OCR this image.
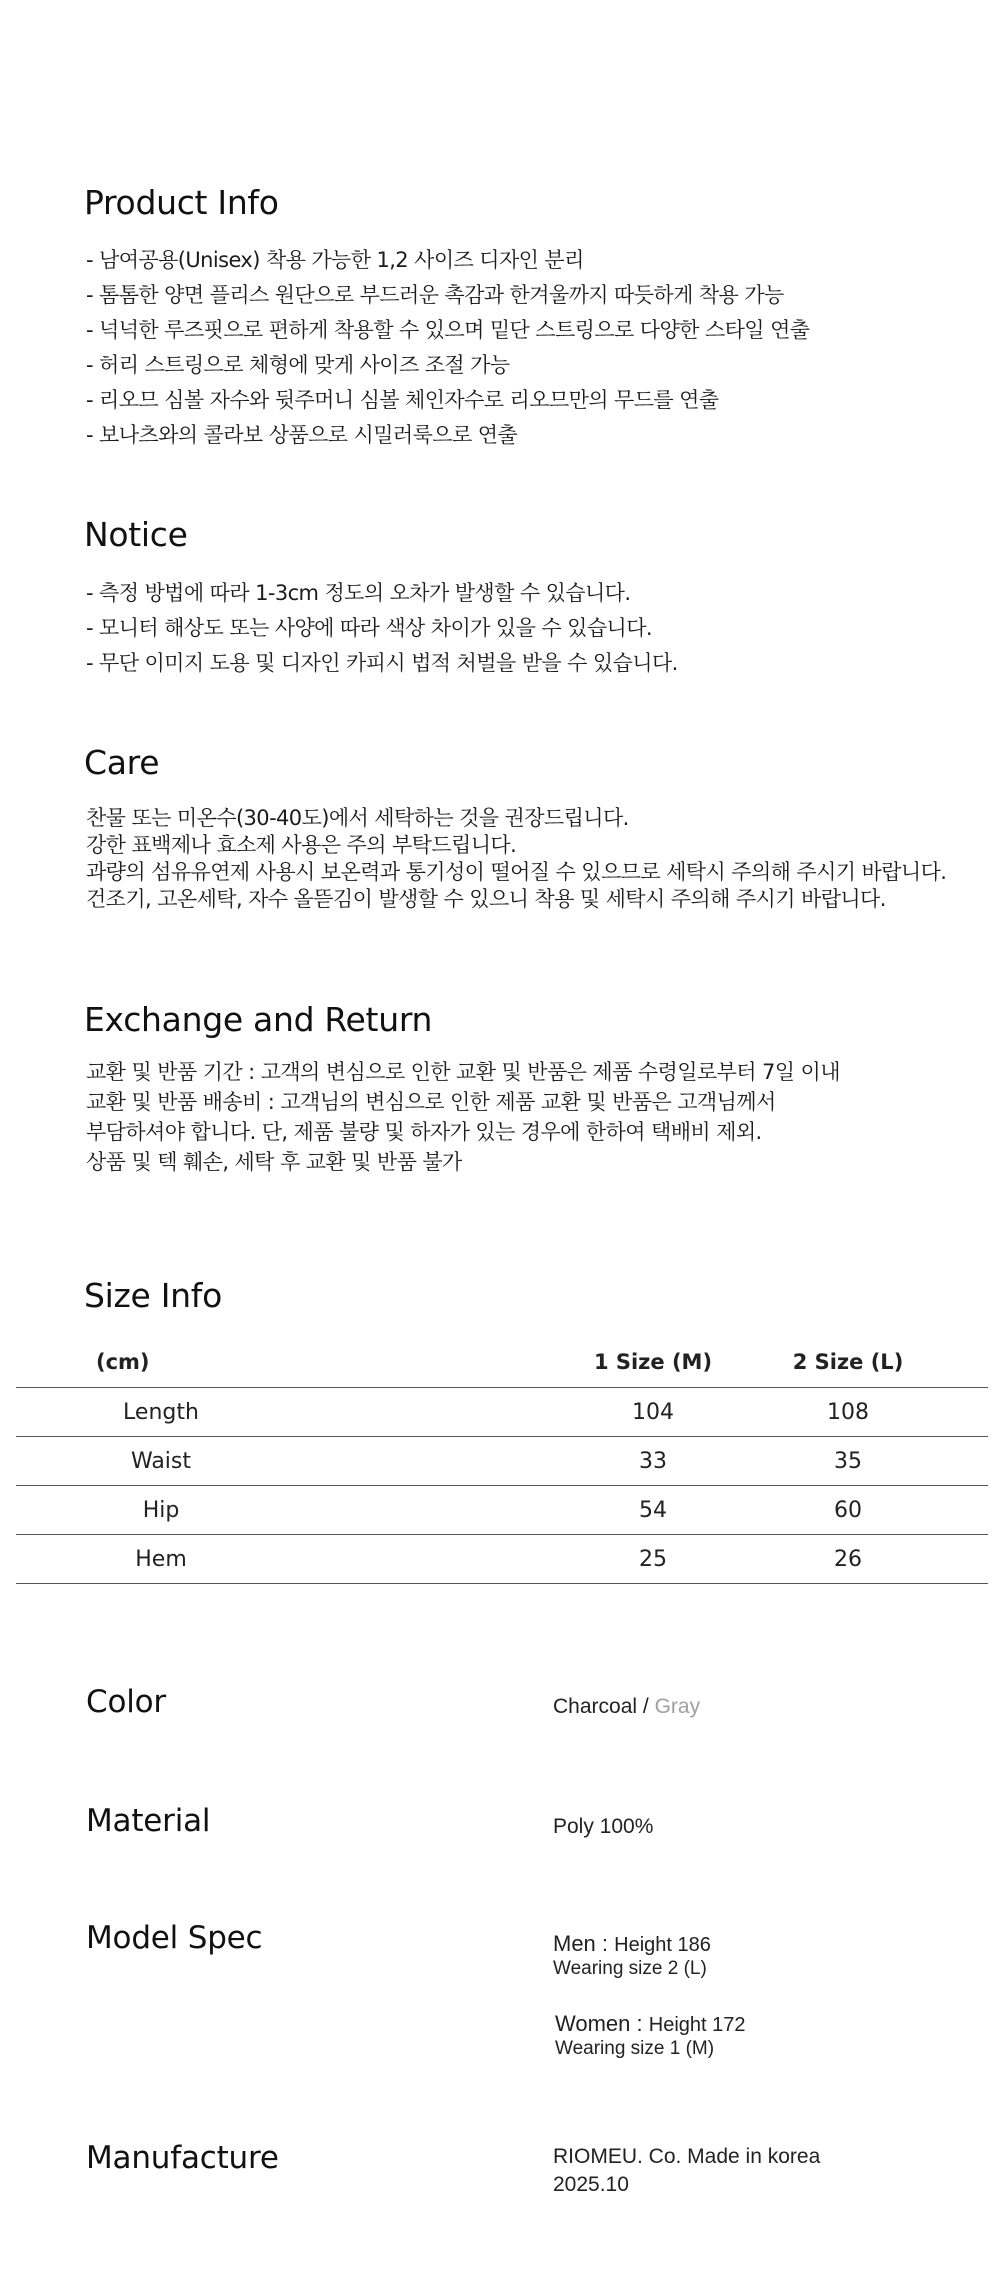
Product Info
- 남여공용(Unisex) 착용 가능한 1,2 사이즈 디자인 분리
- 톰톰한 양면 플리스 원단으로 부드러운 촉감과 한겨울까지 따듯하게 착용 가능
- 넉넉한 루즈핏으로 편하게 착용할 수 있으며 밑단 스트링으로 다양한 스타일 연출
- 허리 스트링으로 체형에 맞게 사이즈 조절 가능
- 리오므 심볼 자수와 뒷주머니 심볼 체인자수로 리오므만의 무드를 연출
- 보나츠와의 콜라보 상품으로 시밀러룩으로 연출
Notice
- 측정 방법에 따라 1-3cm 정도의 오차가 발생할 수 있습니다.
- 모니터 해상도 또는 사양에 따라 색상 차이가 있을 수 있습니다.
- 무단 이미지 도용 및 디자인 카피시 법적 처벌을 받을 수 있습니다.
Care
찬물 또는 미온수(30-40도)에서 세탁하는 것을 권장드립니다.
강한 표백제나 효소제 사용은 주의 부탁드립니다.
과량의 섬유유연제 사용시 보온력과 통기성이 떨어질 수 있으므로 세탁시 주의해 주시기 바랍니다.
건조기, 고온세탁, 자수 올뜯김이 발생할 수 있으니 착용 및 세탁시 주의해 주시기 바랍니다.
Exchange and Return
교환 및 반품 기간 : 고객의 변심으로 인한 교환 및 반품은 제품 수령일로부터 7일 이내
교환 및 반품 배송비 : 고객님의 변심으로 인한 제품 교환 및 반품은 고객님께서
부담하셔야 합니다. 단, 제품 불량 및 하자가 있는 경우에 한하여 택배비 제외.
상품 및 텍 훼손, 세탁 후 교환 및 반품 불가
Size Info
(cm)	1 Size (M)	2 Size (L)
Length	104	108
Waist	33	35
Hip	54	60
Hem	25	26
Color	Charcoal / Gray
Material	Poly 100%
Model Spec	Men : Height 186
Wearing size 2 (L)
Women : Height 172
Wearing size 1 (M)
Manufacture	RIOMEU. Co. Made in korea
2025.10
